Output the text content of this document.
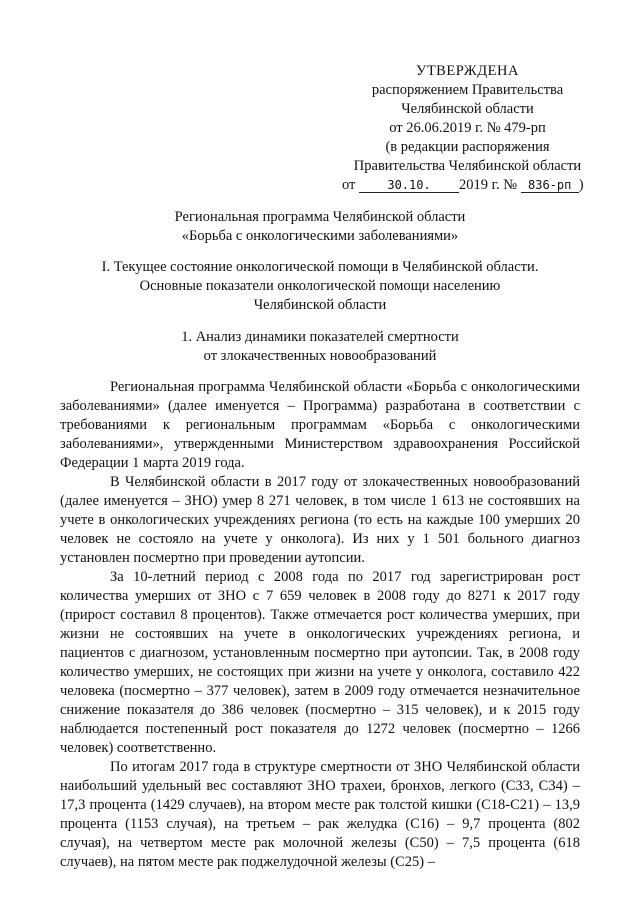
УТВЕРЖДЕНА
распоряжением Правительства
Челябинской области
от 26.06.2019 г. № 479-рп
(в редакции распоряжения
Правительства Челябинской области
от	30.10. 2019 г. № 836-рп )
Региональная программа Челябинской области
«Борьба с онкологическими заболеваниями»
I. Текущее состояние онкологической помощи в Челябинской области.
Основные показатели онкологической помощи населению
Челябинской области
1. Анализ динамики показателей смертности
от злокачественных новообразований

Региональная программа Челябинской области «Борьба с онкологическими заболеваниями» (далее именуется – Программа) разработана в соответствии с требованиями к региональным программам «Борьба с онкологическими заболеваниями», утвержденными Министерством здравоохранения Российской Федерации 1 марта 2019 года.

В Челябинской области в 2017 году от злокачественных новообразований (далее именуется – ЗНО) умер 8 271 человек, в том числе 1 613 не состоявших на учете в онкологических учреждениях региона (то есть на каждые 100 умерших 20 человек не состояло на учете у онколога). Из них у 1 501 больного диагноз установлен посмертно при проведении аутопсии.

За 10-летний период с 2008 года по 2017 год зарегистрирован рост количества умерших от ЗНО с 7 659 человек в 2008 году до 8271 к 2017 году (прирост составил 8 процентов). Также отмечается рост количества умерших, при жизни не состоявших на учете в онкологических учреждениях региона, и пациентов с диагнозом, установленным посмертно при аутопсии. Так, в 2008 году количество умерших, не состоящих при жизни на учете у онколога, составило 422 человека (посмертно – 377 человек), затем в 2009 году отмечается незначительное снижение показателя до 386 человек (посмертно – 315 человек), и к 2015 году наблюдается постепенный рост показателя до 1272 человек (посмертно – 1266 человек) соответственно.

По итогам 2017 года в структуре смертности от ЗНО Челябинской области наибольший удельный вес составляют ЗНО трахеи, бронхов, легкого (С33, С34) – 17,3 процента (1429 случаев), на втором месте рак толстой кишки (С18-С21) – 13,9 процента (1153 случая), на третьем – рак желудка (С16) – 9,7 процента (802 случая), на четвертом месте рак молочной железы (С50) – 7,5 процента (618 случаев), на пятом месте рак поджелудочной железы (С25) –
